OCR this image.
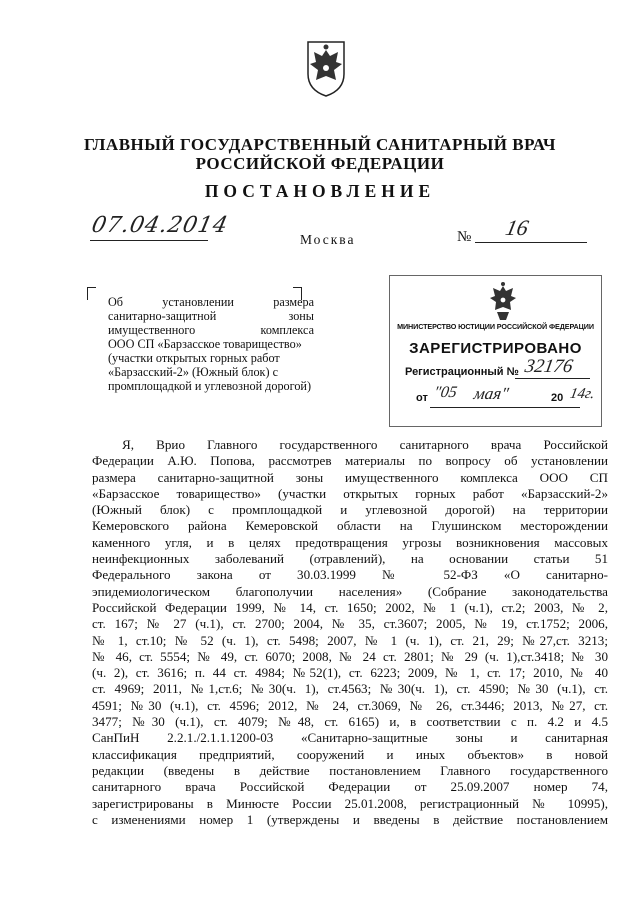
ГЛАВНЫЙ ГОСУДАРСТВЕННЫЙ САНИТАРНЫЙ ВРАЧ
РОССИЙСКОЙ ФЕДЕРАЦИИ
ПОСТАНОВЛЕНИЕ
07.04.2014
Москва	№ 16
Об установлении размера
санитарно-защитной зоны
имущественного комплекса
ООО СП «Барзасское товарищество»
(участки открытых горных работ
«Барзасский-2» (Южный блок) с
промплощадкой и углевозной дорогой)
МИНИСТЕРСТВО ЮСТИЦИИ РОССИЙСКОЙ ФЕДЕРАЦИИ
ЗАРЕГИСТРИРОВАНО
Регистрационный № 32176
от "05 мая"	20 14г.
Я, Врио Главного государственного санитарного врача Российской
Федерации А.Ю. Попова, рассмотрев материалы по вопросу об установлении
размера санитарно-защитной зоны имущественного комплекса ООО СП
«Барзасское товарищество» (участки открытых горных работ «Барзасский-2»
(Южный блок) с промплощадкой и углевозной дорогой) на территории
Кемеровского района Кемеровской области на Глушинском месторождении
каменного угля, и в целях предотвращения угрозы возникновения массовых
неинфекционных заболеваний (отравлений), на основании статьи 51
Федерального закона от 30.03.1999 № 52-ФЗ «О санитарно-
эпидемиологическом благополучии населения» (Собрание законодательства
Российской Федерации 1999, № 14, ст. 1650; 2002, № 1 (ч.1), ст.2; 2003, № 2,
ст. 167; № 27 (ч.1), ст. 2700; 2004, № 35, ст.3607; 2005, № 19, ст.1752; 2006,
№ 1, ст.10; № 52 (ч. 1), ст. 5498; 2007, № 1 (ч. 1), ст. 21, 29; №27,ст. 3213;
№ 46, ст. 5554; № 49, ст. 6070; 2008, № 24 ст. 2801; № 29 (ч. 1),ст.3418; № 30
(ч. 2), ст. 3616; п. 44 ст. 4984; №52(1), ст. 6223; 2009, № 1, ст. 17; 2010, № 40
ст. 4969; 2011, №1,ст.6; №30(ч. 1), ст.4563; №30(ч. 1), ст. 4590; №30 (ч.1), ст.
4591; №30 (ч.1), ст. 4596; 2012, № 24, ст.3069, № 26, ст.3446; 2013, №27, ст.
3477; №30 (ч.1), ст. 4079; №48, ст. 6165) и, в соответствии с п. 4.2 и 4.5
СанПиН 2.2.1./2.1.1.1200-03 «Санитарно-защитные зоны и санитарная
классификация предприятий, сооружений и иных объектов» в новой
редакции (введены в действие постановлением Главного государственного
санитарного врача Российской Федерации от 25.09.2007 номер 74,
зарегистрированы в Минюсте России 25.01.2008, регистрационный № 10995),
с изменениями номер 1 (утверждены и введены в действие постановлением
